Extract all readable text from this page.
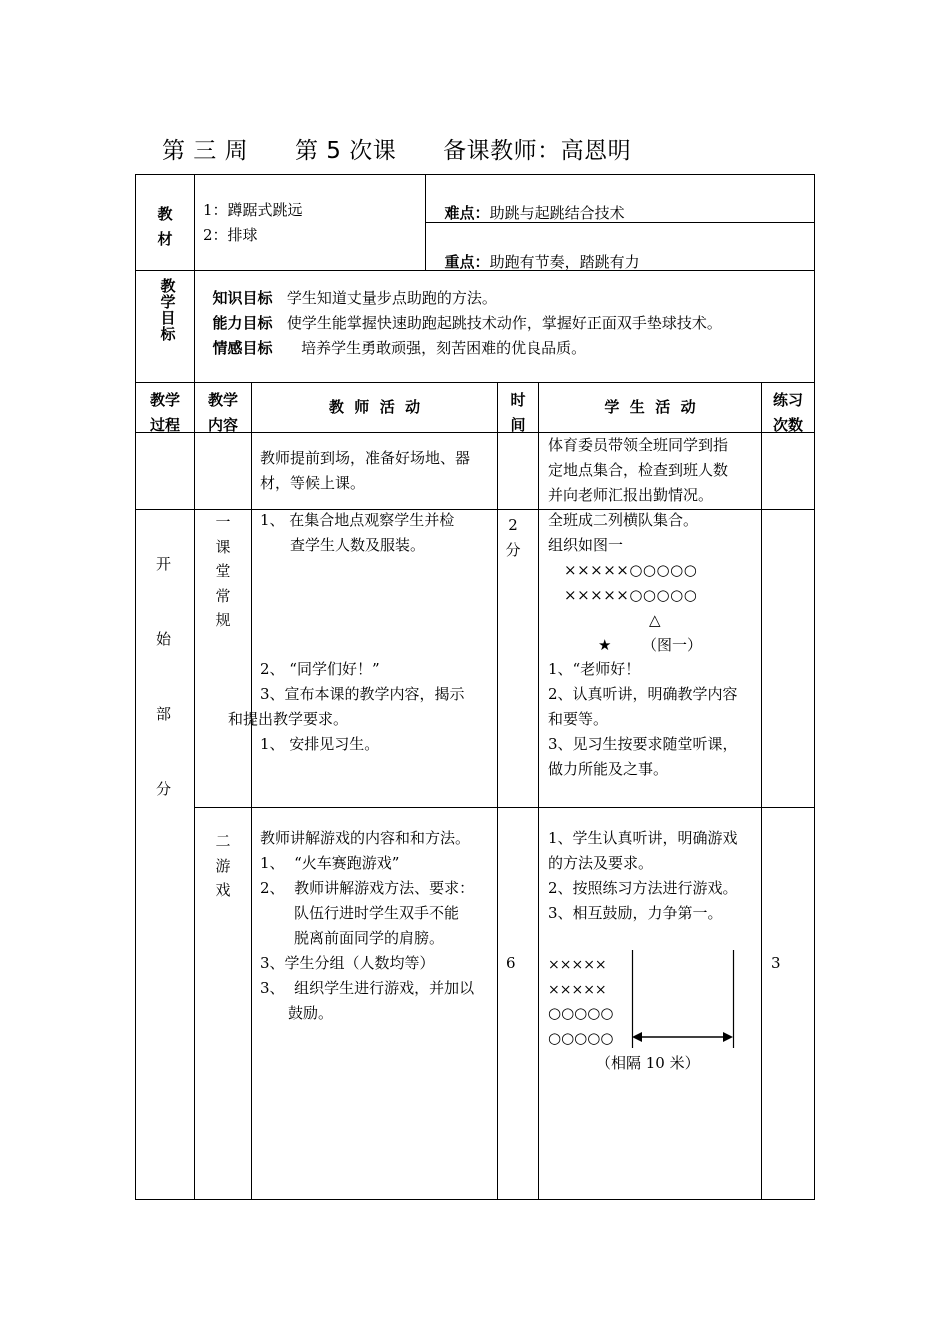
第 三 周      第 5 次课      备课教师：高恩明
教
材
1：蹲踞式跳远
2：排球

难点：助跳与起跳结合技术

重点：助跑有节奏，踏跳有力

教学目标

知识目标 学生知道丈量步点助跑的方法。

能力目标 使学生能掌握快速助跑起跳技术动作，掌握好正面双手垫球技术。

情感目标 培养学生勇敢顽强，刻苦困难的优良品质。

教学
过程
教学
内容
教  师  活  动	时
间
学  生  活  动	练习
次数
教师提前到场，准备好场地、器
材，等候上课。
体育委员带领全班同学到指
定地点集合，检查到班人数
并向老师汇报出勤情况。
开
始
部
分
一课堂常规
1、 在集合地点观察学生并检
查学生人数及服装。
2、 “同学们好！”
3、宣布本课的教学内容，揭示
和提出教学要求。
1、 安排见习生。
2
分
全班成二列横队集合。
组织如图一
×××××○○○○○
×××××○○○○○
△
★ （图一）
1、“老师好！
2、认真听讲，明确教学内容
和要等。
3、见习生按要求随堂听课，
做力所能及之事。
二游戏
教师讲解游戏的内容和和方法。
1、  “火车赛跑游戏”
2、  教师讲解游戏方法、要求：
队伍行进时学生双手不能
脱离前面同学的肩膀。
3、学生分组（人数均等）
3、  组织学生进行游戏，并加以
鼓励。
6
1、学生认真听讲，明确游戏
的方法及要求。
2、按照练习方法进行游戏。
3、相互鼓励，力争第一。
×××××
×××××
○○○○○
○○○○○
（相隔 10 米）
3
